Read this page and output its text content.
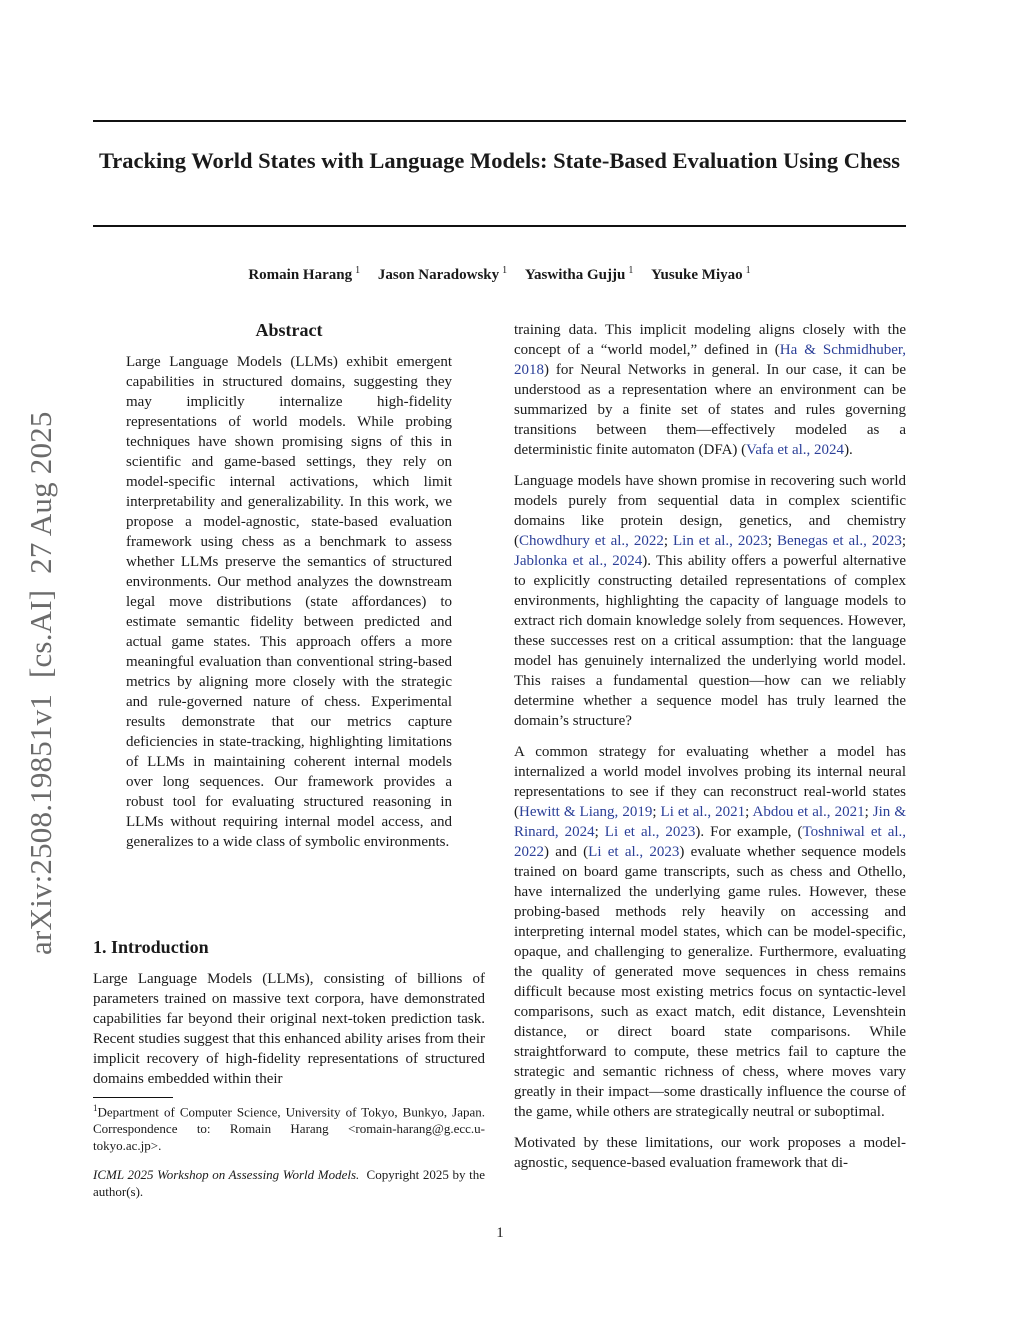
Tracking World States with Language Models: State-Based Evaluation Using Chess
Romain Harang $^1$ Jason Naradowsky $^1$ Yaswitha Gujju $^1$ Yusuke Miyao $^1$
arXiv:2508.19851v1  [cs.AI]  27 Aug 2025
Abstract

Large Language Models (LLMs) exhibit emergent capabilities in structured domains, suggesting they may implicitly internalize high-fidelity representations of world models. While probing techniques have shown promising signs of this in scientific and game-based settings, they rely on model-specific internal activations, which limit interpretability and generalizability. In this work, we propose a model-agnostic, state-based evaluation framework using chess as a benchmark to assess whether LLMs preserve the semantics of structured environments. Our method analyzes the downstream legal move distributions (state affordances) to estimate semantic fidelity between predicted and actual game states. This approach offers a more meaningful evaluation than conventional string-based metrics by aligning more closely with the strategic and rule-governed nature of chess. Experimental results demonstrate that our metrics capture deficiencies in state-tracking, highlighting limitations of LLMs in maintaining coherent internal models over long sequences. Our framework provides a robust tool for evaluating structured reasoning in LLMs without requiring internal model access, and generalizes to a wide class of symbolic environments.

1. Introduction

Large Language Models (LLMs), consisting of billions of parameters trained on massive text corpora, have demonstrated capabilities far beyond their original next-token prediction task. Recent studies suggest that this enhanced ability arises from their implicit recovery of high-fidelity representations of structured domains embedded within their

$^1$Department of Computer Science, University of Tokyo, Bunkyo, Japan. Correspondence to: Romain Harang <romain-harang@g.ecc.u-tokyo.ac.jp>.

ICML 2025 Workshop on Assessing World Models. Copyright 2025 by the author(s).

training data. This implicit modeling aligns closely with the concept of a “world model,” defined in (Ha & Schmidhuber, 2018) for Neural Networks in general. In our case, it can be understood as a representation where an environment can be summarized by a finite set of states and rules governing transitions between them—effectively modeled as a deterministic finite automaton (DFA) (Vafa et al., 2024).

Language models have shown promise in recovering such world models purely from sequential data in complex scientific domains like protein design, genetics, and chemistry (Chowdhury et al., 2022; Lin et al., 2023; Benegas et al., 2023; Jablonka et al., 2024). This ability offers a powerful alternative to explicitly constructing detailed representations of complex environments, highlighting the capacity of language models to extract rich domain knowledge solely from sequences. However, these successes rest on a critical assumption: that the language model has genuinely internalized the underlying world model. This raises a fundamental question—how can we reliably determine whether a sequence model has truly learned the domain’s structure?

A common strategy for evaluating whether a model has internalized a world model involves probing its internal neural representations to see if they can reconstruct real-world states (Hewitt & Liang, 2019; Li et al., 2021; Abdou et al., 2021; Jin & Rinard, 2024; Li et al., 2023). For example, (Toshniwal et al., 2022) and (Li et al., 2023) evaluate whether sequence models trained on board game transcripts, such as chess and Othello, have internalized the underlying game rules. However, these probing-based methods rely heavily on accessing and interpreting internal model states, which can be model-specific, opaque, and challenging to generalize. Furthermore, evaluating the quality of generated move sequences in chess remains difficult because most existing metrics focus on syntactic-level comparisons, such as exact match, edit distance, Levenshtein distance, or direct board state comparisons. While straightforward to compute, these metrics fail to capture the strategic and semantic richness of chess, where moves vary greatly in their impact—some drastically influence the course of the game, while others are strategically neutral or suboptimal.

Motivated by these limitations, our work proposes a model-agnostic, sequence-based evaluation framework that di-

1
